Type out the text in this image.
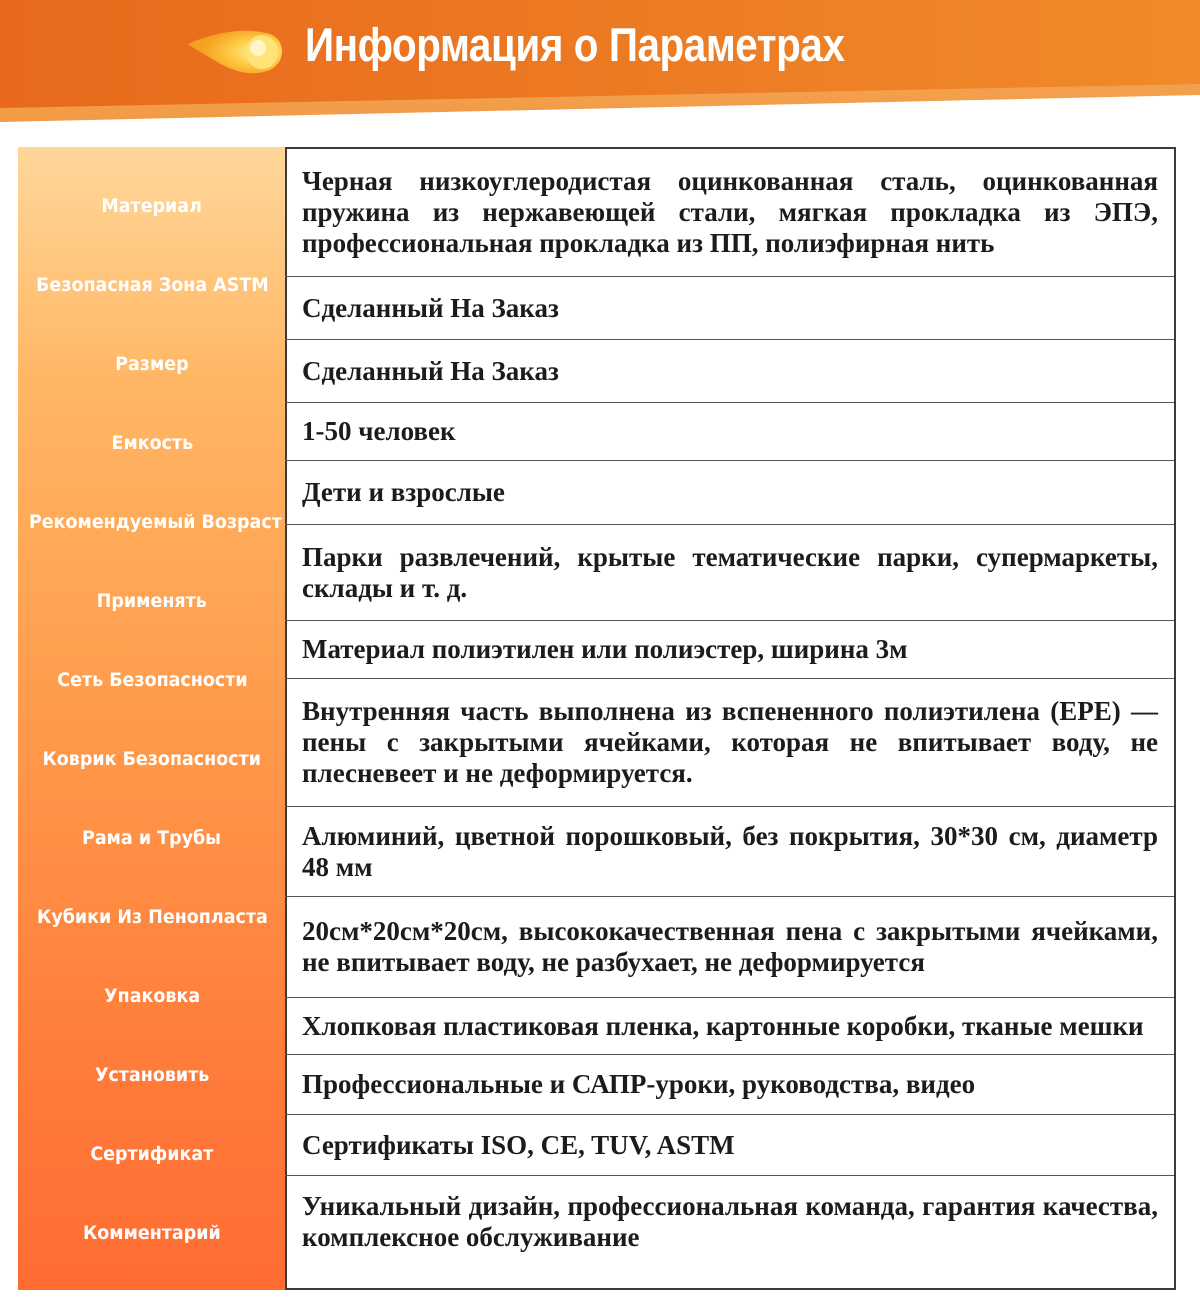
Информация о Параметрах
Материал
Безопасная Зона ASTM
Размер
Емкость
Рекомендуемый Возраст
Применять
Сеть Безопасности
Коврик Безопасности
Рама и Трубы
Кубики Из Пенопласта
Упаковка
Установить
Сертификат
Комментарий
Черная низкоуглеродистая оцинкованная сталь, оцинкованная пружина из нержавеющей стали, мягкая прокладка из ЭПЭ, профессиональная прокладка из ПП, полиэфирная нить
Сделанный На Заказ
Сделанный На Заказ
1-50 человек
Дети и взрослые
Парки развлечений, крытые тематические парки, супермаркеты, склады и т. д.
Материал полиэтилен или полиэстер, ширина 3м
Внутренняя часть выполнена из вспененного полиэтилена (EPE) — пены с закрытыми ячейками, которая не впитывает воду, не плесневеет и не деформируется.
Алюминий, цветной порошковый, без покрытия, 30*30 см, диаметр 48 мм
20см*20см*20см, высококачественная пена с закрытыми ячейками, не впитывает воду, не разбухает, не деформируется
Хлопковая пластиковая пленка, картонные коробки, тканые мешки
Профессиональные и САПР-уроки, руководства, видео
Сертификаты ISO, CE, TUV, ASTM
Уникальный дизайн, профессиональная команда, гарантия качества, комплексное обслуживание
